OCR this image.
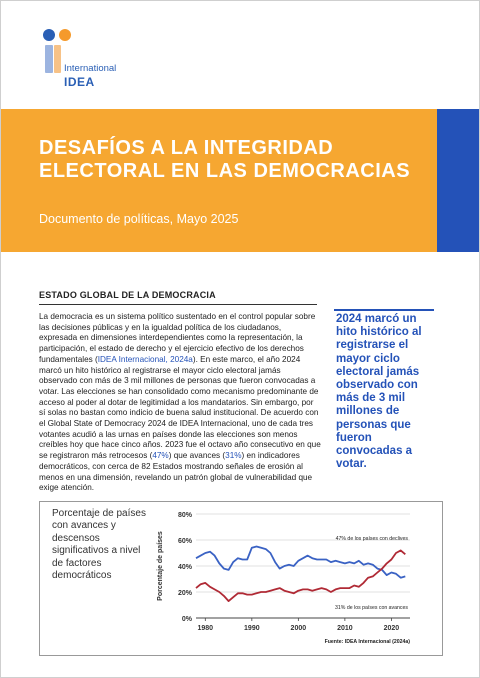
International
IDEA
DESAFÍOS A LA INTEGRIDAD ELECTORAL EN LAS DEMOCRACIAS
Documento de políticas, Mayo 2025
ESTADO GLOBAL DE LA DEMOCRACIA
La democracia es un sistema político sustentado en el control popular sobre las decisiones públicas y en la igualdad política de los ciudadanos, expresada en dimensiones interdependientes como la representación, la participación, el estado de derecho y el ejercicio efectivo de los derechos fundamentales (IDEA Internacional, 2024a). En este marco, el año 2024 marcó un hito histórico al registrarse el mayor ciclo electoral jamás observado con más de 3 mil millones de personas que fueron convocadas a votar. Las elecciones se han consolidado como mecanismo predominante de acceso al poder al dotar de legitimidad a los mandatarios. Sin embargo, por sí solas no bastan como indicio de buena salud institucional. De acuerdo con el Global State of Democracy 2024 de IDEA Internacional, uno de cada tres votantes acudió a las urnas en países donde las elecciones son menos creíbles hoy que hace cinco años. 2023 fue el octavo año consecutivo en que se registraron más retrocesos (47%) que avances (31%) en indicadores democráticos, con cerca de 82 Estados mostrando señales de erosión al menos en una dimensión, revelando un patrón global de vulnerabilidad que exige atención.
2024 marcó un hito histórico al registrarse el mayor ciclo electoral jamás observado con más de 3 mil millones de personas que fueron convocadas a votar.
Porcentaje de países con avances y descensos significativos a nivel de factores democráticos
0%
20%
40%
60%
80%
1980	1990	2000	2010	2020
Porcentaje de países	47% de los países con declives
31% de los países con avances
Fuente: IDEA Internacional (2024a)
